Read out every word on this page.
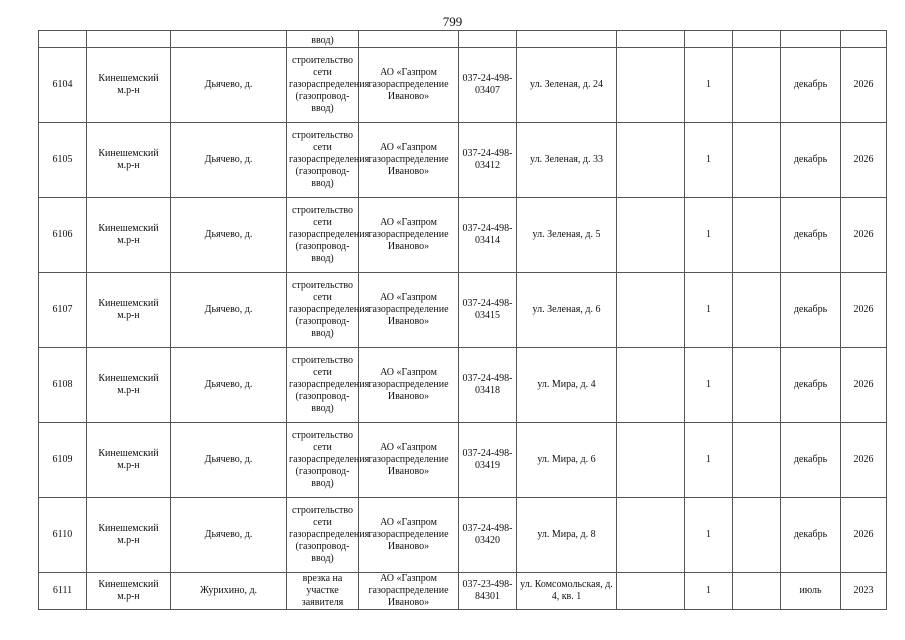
799
			ввод)								
6104	Кинешемский м.р-н	Дьячево, д.	строительство сети газораспределения (газопровод-ввод)	АО «Газпром газораспределение Иваново»	037-24-498-03407	ул. Зеленая, д. 24		1		декабрь	2026
6105	Кинешемский м.р-н	Дьячево, д.	строительство сети газораспределения (газопровод-ввод)	АО «Газпром газораспределение Иваново»	037-24-498-03412	ул. Зеленая, д. 33		1		декабрь	2026
6106	Кинешемский м.р-н	Дьячево, д.	строительство сети газораспределения (газопровод-ввод)	АО «Газпром газораспределение Иваново»	037-24-498-03414	ул. Зеленая, д. 5		1		декабрь	2026
6107	Кинешемский м.р-н	Дьячево, д.	строительство сети газораспределения (газопровод-ввод)	АО «Газпром газораспределение Иваново»	037-24-498-03415	ул. Зеленая, д. 6		1		декабрь	2026
6108	Кинешемский м.р-н	Дьячево, д.	строительство сети газораспределения (газопровод-ввод)	АО «Газпром газораспределение Иваново»	037-24-498-03418	ул. Мира, д. 4		1		декабрь	2026
6109	Кинешемский м.р-н	Дьячево, д.	строительство сети газораспределения (газопровод-ввод)	АО «Газпром газораспределение Иваново»	037-24-498-03419	ул. Мира, д. 6		1		декабрь	2026
6110	Кинешемский м.р-н	Дьячево, д.	строительство сети газораспределения (газопровод-ввод)	АО «Газпром газораспределение Иваново»	037-24-498-03420	ул. Мира, д. 8		1		декабрь	2026
6111	Кинешемский м.р-н	Журихино, д.	врезка на участке заявителя	АО «Газпром газораспределение Иваново»	037-23-498-84301	ул. Комсомольская, д. 4, кв. 1		1		июль	2023
